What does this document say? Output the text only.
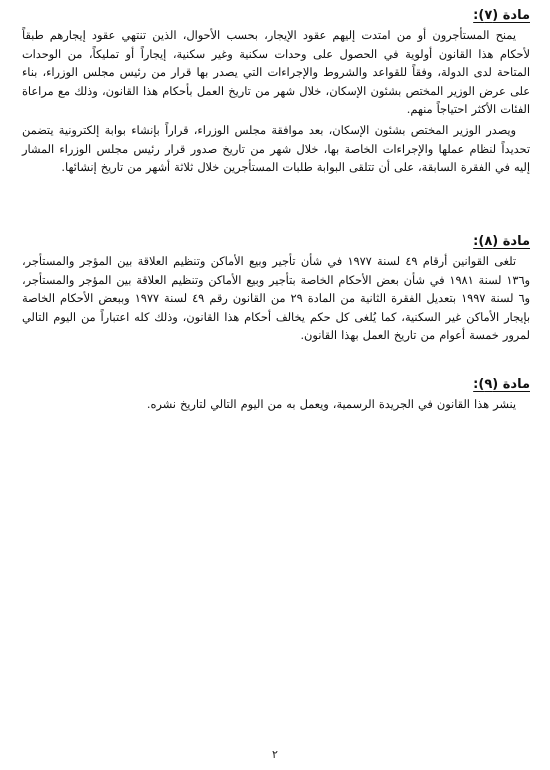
مادة (٧):

يمنح المستأجرون أو من امتدت إليهم عقود الإيجار، بحسب الأحوال، الذين تنتهي عقود إيجارهم طبقاً لأحكام هذا القانون أولوية في الحصول على وحدات سكنية وغير سكنية، إيجاراً أو تمليكاً، من الوحدات المتاحة لدى الدولة، وفقاً للقواعد والشروط والإجراءات التي يصدر بها قرار من رئيس مجلس الوزراء، بناء على عرض الوزير المختص بشئون الإسكان، خلال شهر من تاريخ العمل بأحكام هذا القانون، وذلك مع مراعاة الفئات الأكثر احتياجاً منهم.

ويصدر الوزير المختص بشئون الإسكان، بعد موافقة مجلس الوزراء، قراراً بإنشاء بوابة إلكترونية يتضمن تحديداً لنظام عملها والإجراءات الخاصة بها، خلال شهر من تاريخ صدور قرار رئيس مجلس الوزراء المشار إليه في الفقرة السابقة، على أن تتلقى البوابة طلبات المستأجرين خلال ثلاثة أشهر من تاريخ إنشائها.

مادة (٨):

تلغى القوانين أرقام ٤٩ لسنة ١٩٧٧ في شأن تأجير وبيع الأماكن وتنظيم العلاقة بين المؤجر والمستأجر، و١٣٦ لسنة ١٩٨١ في شأن بعض الأحكام الخاصة بتأجير وبيع الأماكن وتنظيم العلاقة بين المؤجر والمستأجر، و٦ لسنة ١٩٩٧ بتعديل الفقرة الثانية من المادة ٢٩ من القانون رقم ٤٩ لسنة ١٩٧٧ وببعض الأحكام الخاصة بإيجار الأماكن غير السكنية، كما يُلغى كل حكم يخالف أحكام هذا القانون، وذلك كله اعتباراً من اليوم التالي لمرور خمسة أعوام من تاريخ العمل بهذا القانون.

مادة (٩):

ينشر هذا القانون في الجريدة الرسمية، ويعمل به من اليوم التالي لتاريخ نشره.

٢
